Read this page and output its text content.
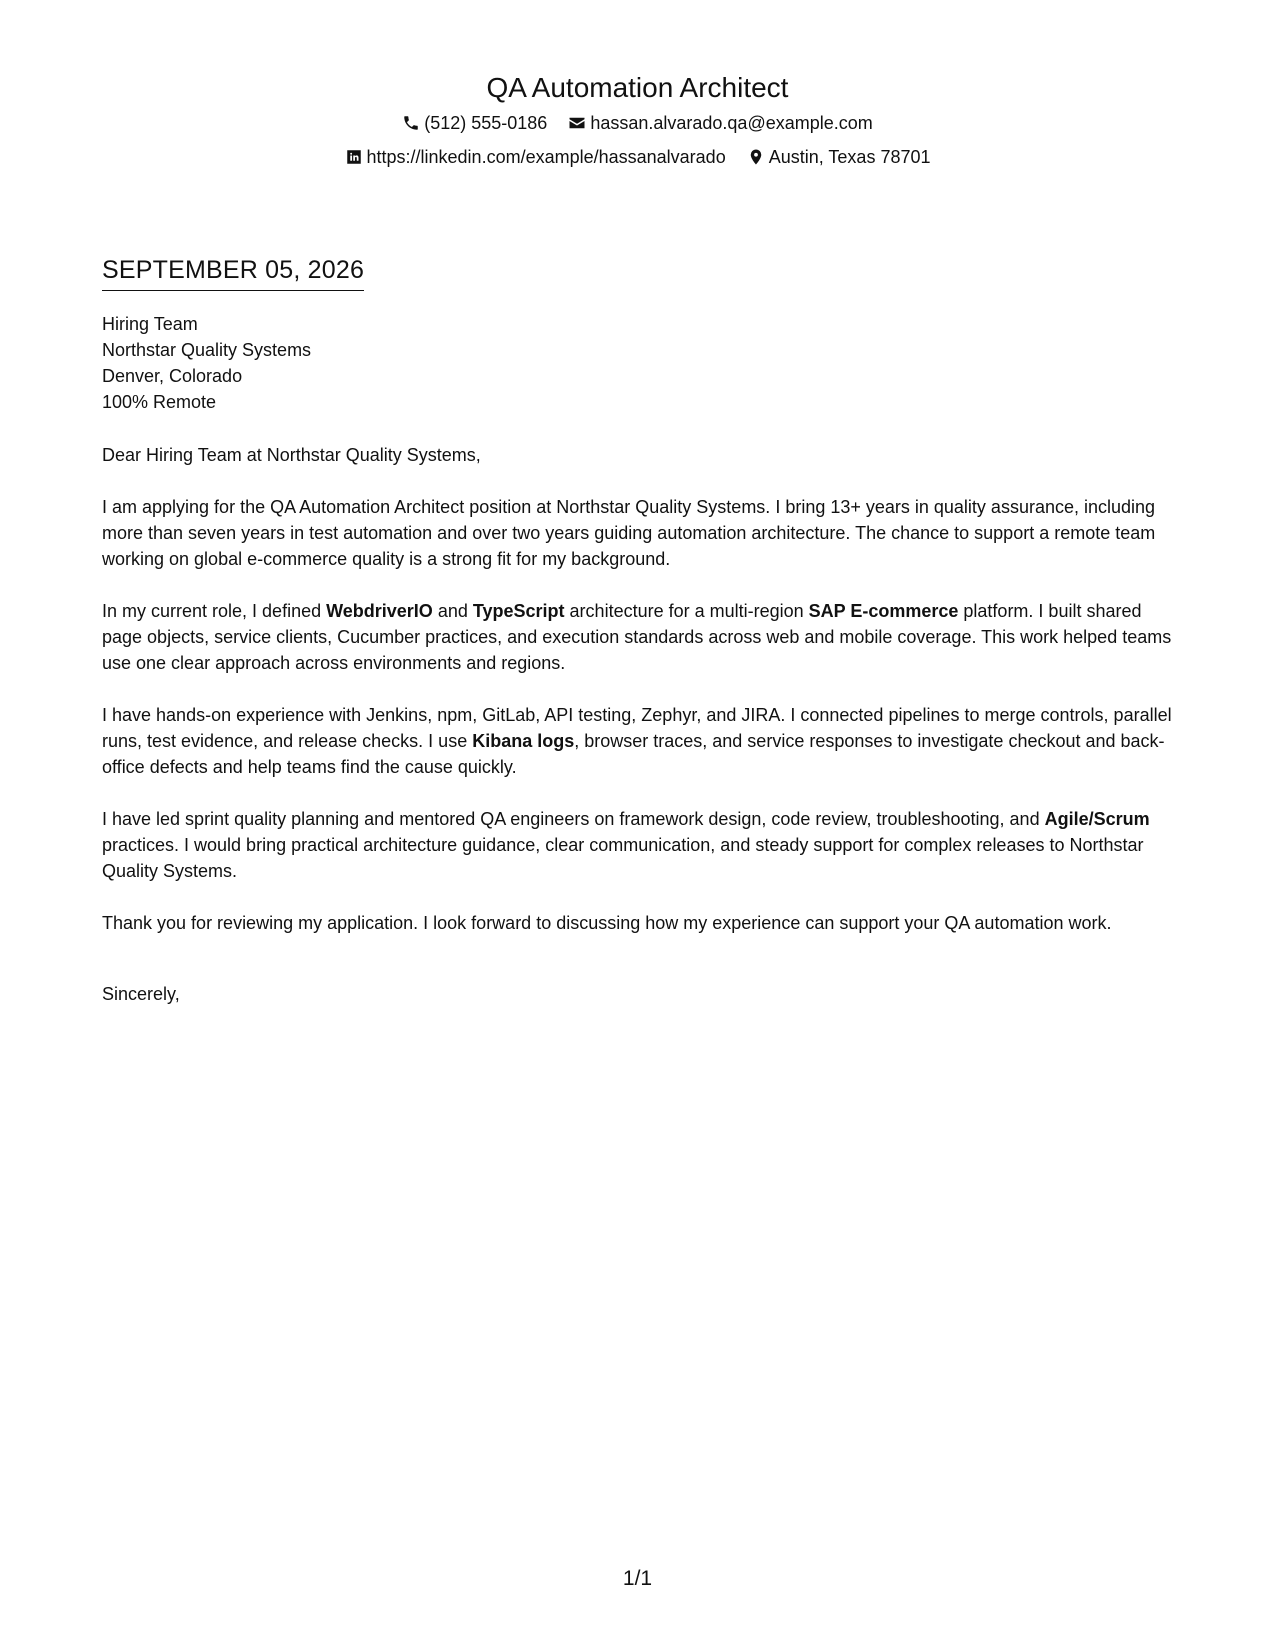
QA Automation Architect
(512) 555-0186
hassan.alvarado.qa@example.com
https://linkedin.com/example/hassanalvarado
Austin, Texas 78701
SEPTEMBER 05, 2026
Hiring Team
Northstar Quality Systems
Denver, Colorado
100% Remote
Dear Hiring Team at Northstar Quality Systems,

I am applying for the QA Automation Architect position at Northstar Quality Systems. I bring 13+ years in quality assurance, including more than seven years in test automation and over two years guiding automation architecture. The chance to support a remote team working on global e-commerce quality is a strong fit for my background.

In my current role, I defined WebdriverIO and TypeScript architecture for a multi-region SAP E-commerce platform. I built shared page objects, service clients, Cucumber practices, and execution standards across web and mobile coverage. This work helped teams use one clear approach across environments and regions.

I have hands-on experience with Jenkins, npm, GitLab, API testing, Zephyr, and JIRA. I connected pipelines to merge controls, parallel runs, test evidence, and release checks. I use Kibana logs, browser traces, and service responses to investigate checkout and back-office defects and help teams find the cause quickly.

I have led sprint quality planning and mentored QA engineers on framework design, code review, troubleshooting, and Agile/Scrum practices. I would bring practical architecture guidance, clear communication, and steady support for complex releases to Northstar Quality Systems.

Thank you for reviewing my application. I look forward to discussing how my experience can support your QA automation work.

Sincerely,
1/1
